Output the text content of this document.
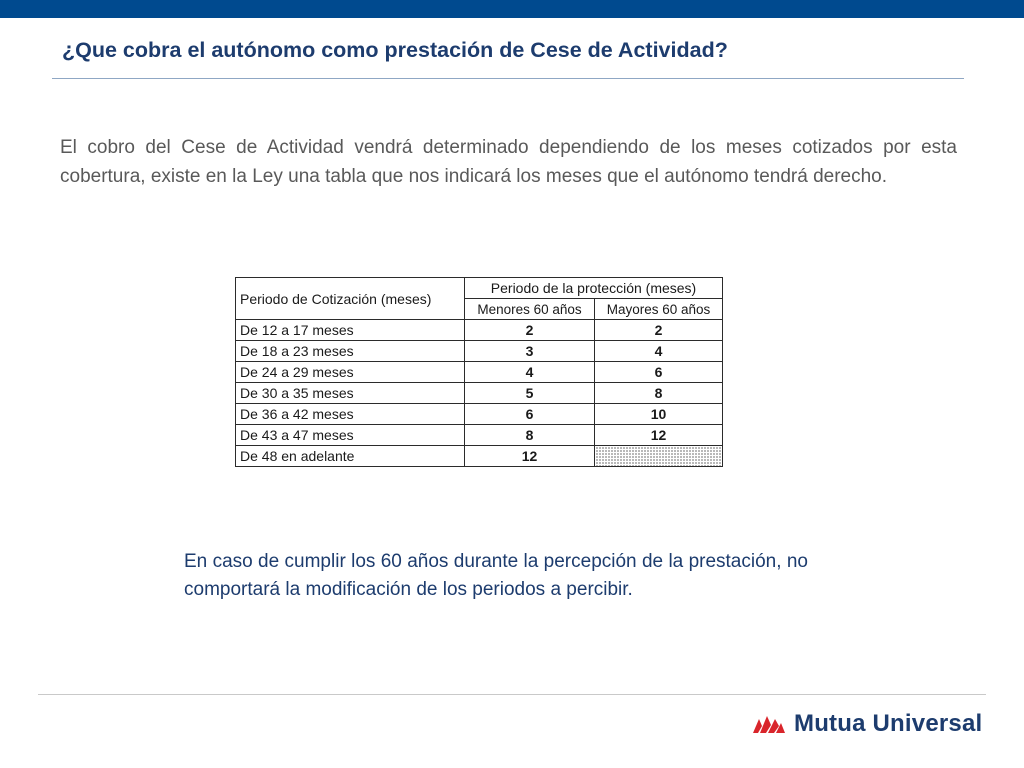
¿Que cobra el autónomo como prestación de Cese de Actividad?

El cobro del Cese de Actividad vendrá determinado dependiendo de los meses cotizados por esta cobertura, existe en la Ley una tabla que nos indicará los meses que el autónomo tendrá derecho.

Periodo de Cotización (meses)	Periodo de la protección (meses)	
	Menores 60 años	Mayores 60 años
De 12 a 17 meses	2	2
De 18 a 23 meses	3	4
De 24 a 29 meses	4	6
De 30 a 35 meses	5	8
De 36 a 42 meses	6	10
De 43 a 47 meses	8	12
De 48 en adelante	12	

En caso de cumplir los 60 años durante la percepción de la prestación, no comportará la modificación de los periodos a percibir.

Mutua Universal
